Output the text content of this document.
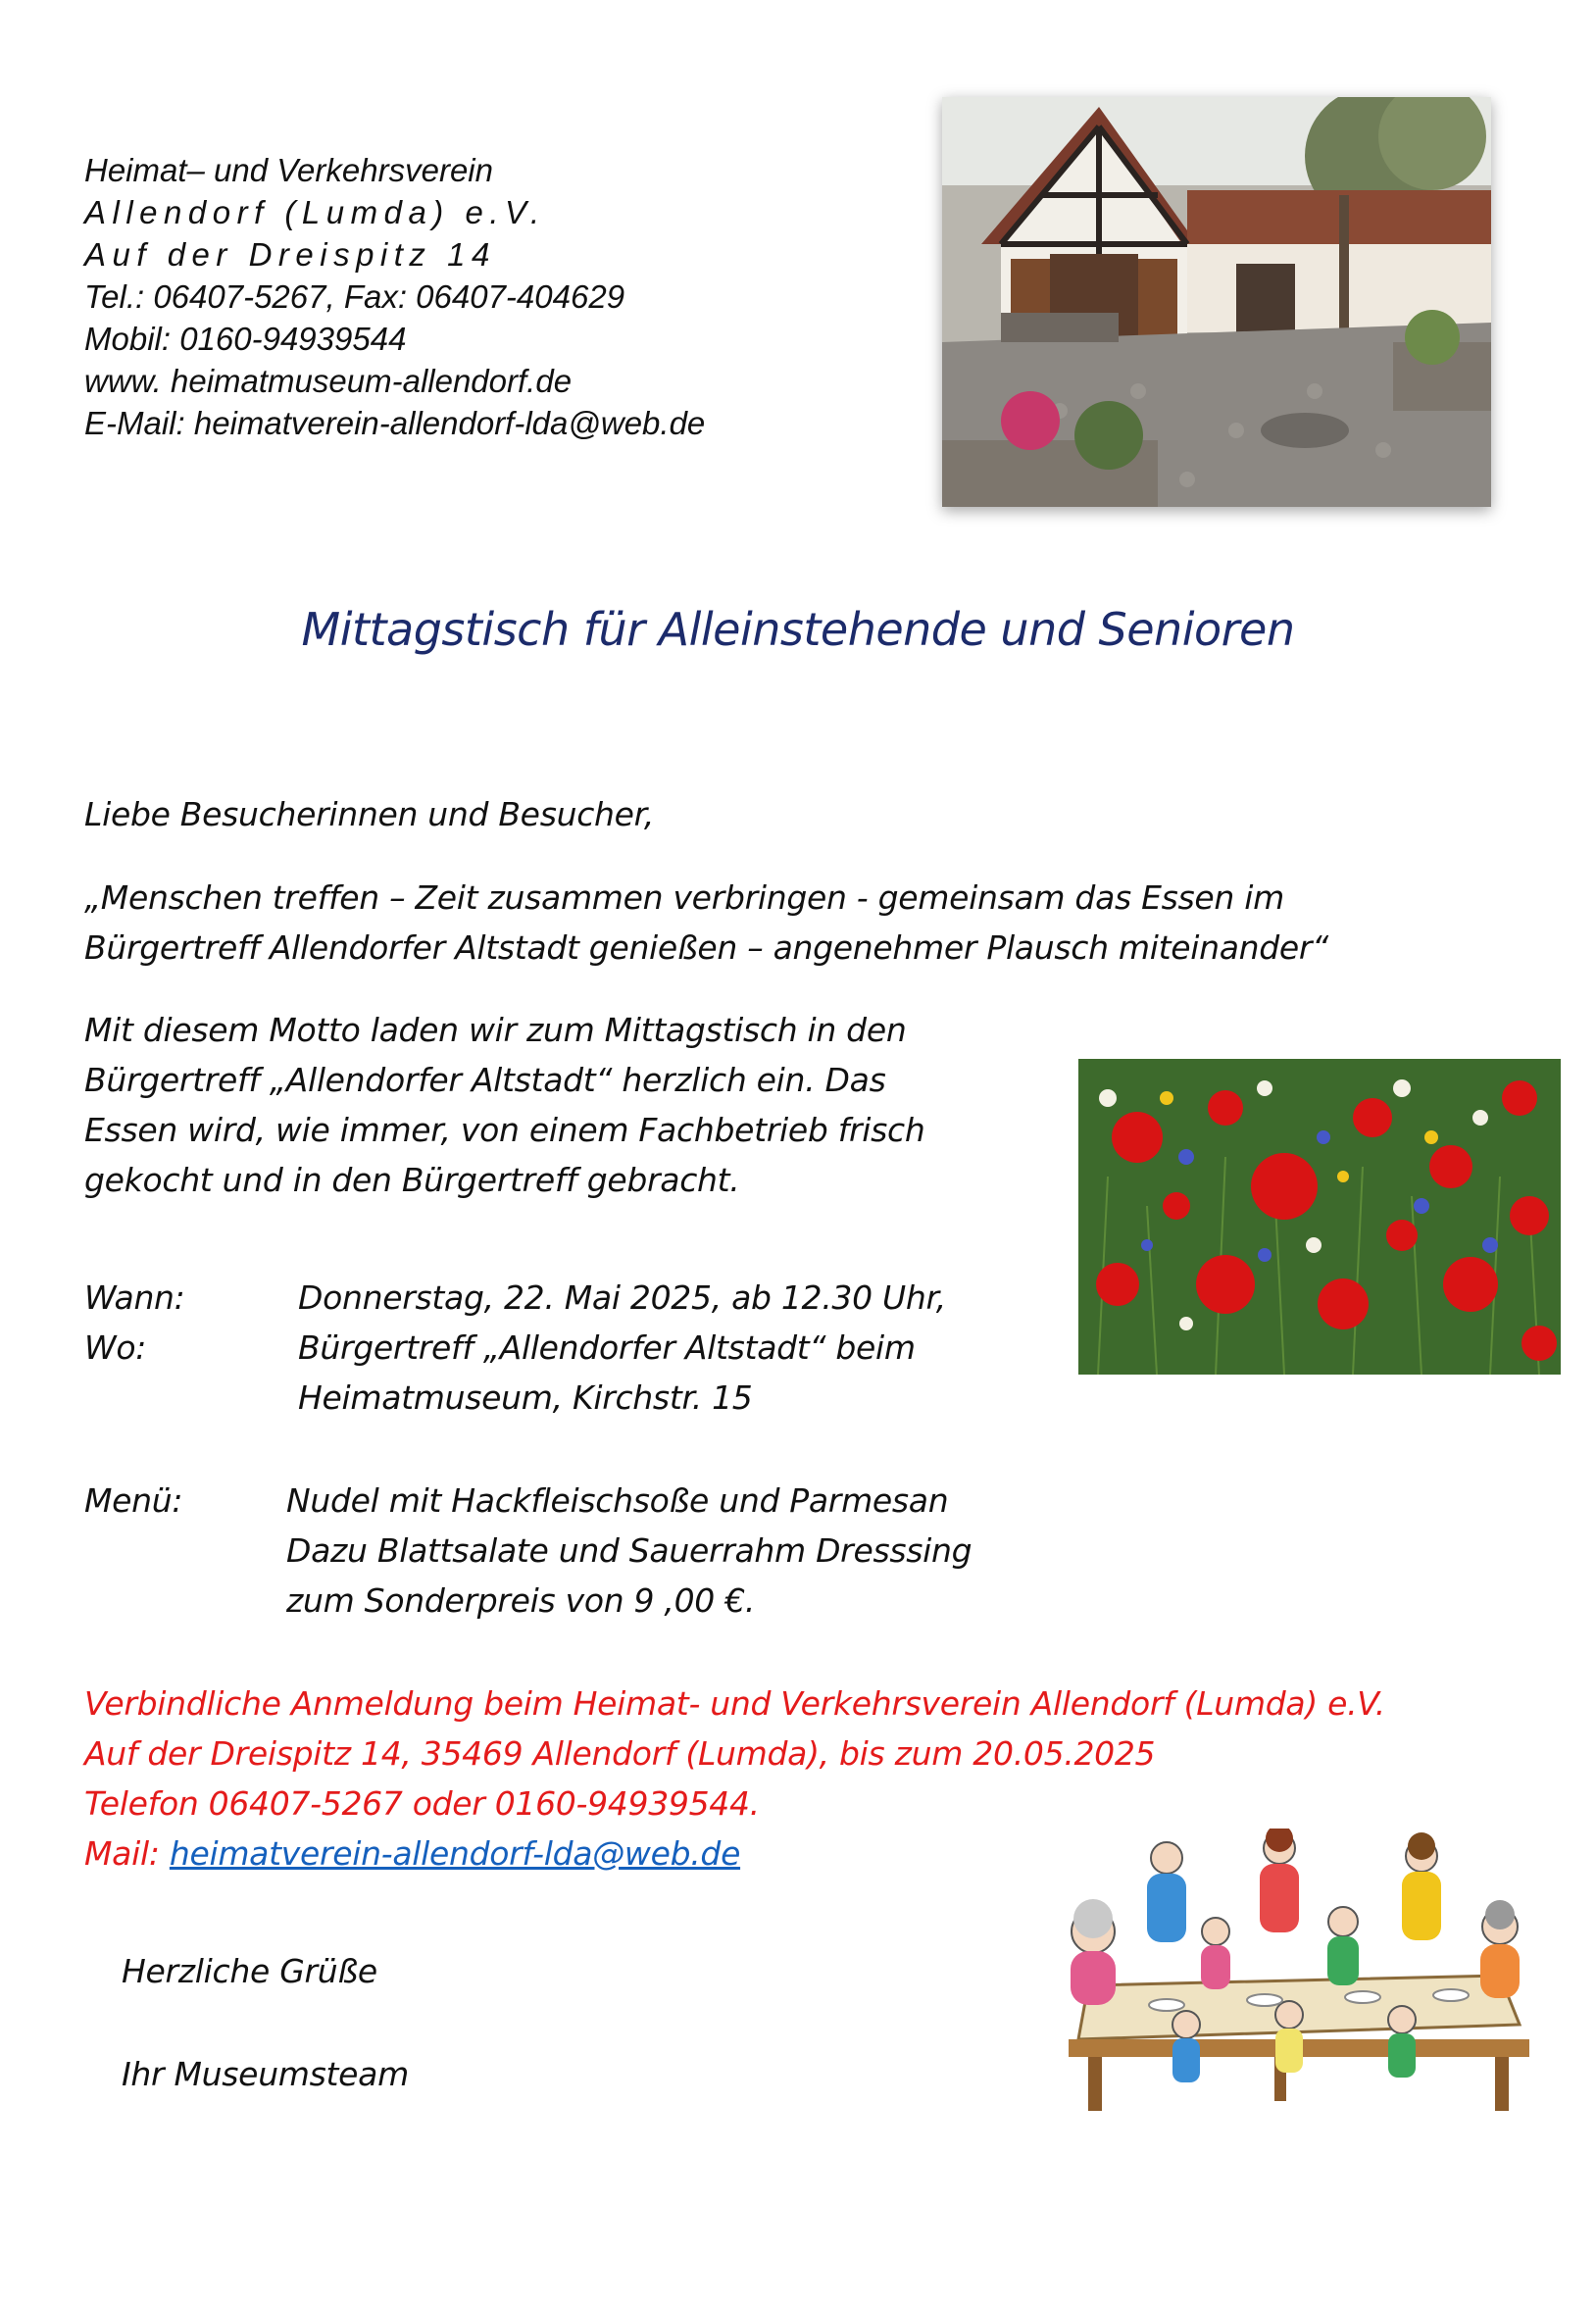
Heimat– und Verkehrsverein
Allendorf (Lumda) e.V.
Auf der Dreispitz 14
Tel.: 06407-5267, Fax: 06407-404629
Mobil: 0160-94939544
www. heimatmuseum-allendorf.de
E-Mail: heimatverein-allendorf-lda@web.de
Mittagstisch für Alleinstehende und Senioren
Liebe Besucherinnen und Besucher,
„Menschen treffen – Zeit zusammen verbringen - gemeinsam das Essen im
Bürgertreff Allendorfer Altstadt genießen – angenehmer Plausch miteinander“
Mit diesem Motto laden wir zum Mittagstisch in den
Bürgertreff „Allendorfer Altstadt“ herzlich ein. Das
Essen wird, wie immer, von einem Fachbetrieb frisch
gekocht und in den Bürgertreff gebracht.
Wann:	Donnerstag, 22. Mai 2025, ab 12.30 Uhr,
Wo:	Bürgertreff „Allendorfer Altstadt“ beim
Heimatmuseum, Kirchstr. 15
Menü:	Nudel mit Hackfleischsoße und Parmesan
Dazu Blattsalate und Sauerrahm Dresssing
zum Sonderpreis von 9 ,00 €.
Verbindliche Anmeldung beim Heimat- und Verkehrsverein Allendorf (Lumda) e.V.
Auf der Dreispitz 14, 35469 Allendorf (Lumda), bis zum 20.05.2025
Telefon 06407-5267 oder 0160-94939544.
Mail: heimatverein-allendorf-lda@web.de
Herzliche Grüße
Ihr Museumsteam
